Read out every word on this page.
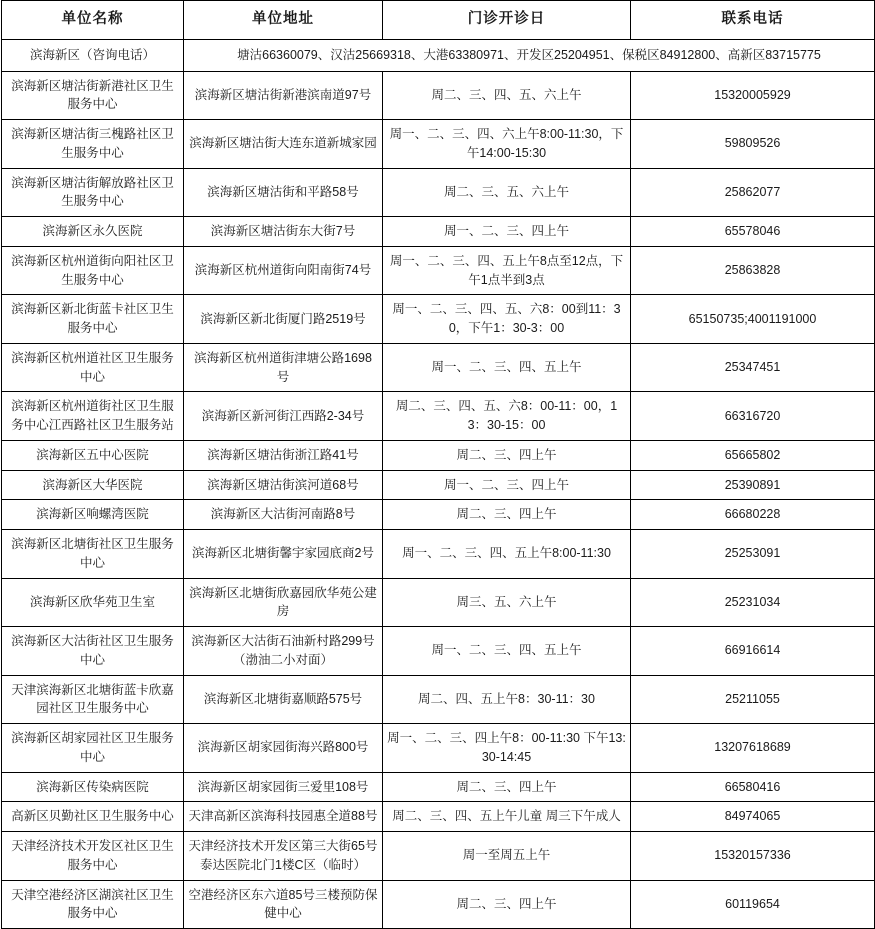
单位名称	单位地址	门诊开诊日	联系电话
滨海新区（咨询电话）	塘沽66360079、汉沽25669318、大港63380971、开发区25204951、保税区84912800、高新区83715775		
滨海新区塘沽街新港社区卫生服务中心	滨海新区塘沽街新港滨南道97号	周二、三、四、五、六上午	15320005929
滨海新区塘沽街三槐路社区卫生服务中心	滨海新区塘沽街大连东道新城家园	周一、二、三、四、六上午8:00-11:30，下午14:00-15:30	59809526
滨海新区塘沽街解放路社区卫生服务中心	滨海新区塘沽街和平路58号	周二、三、五、六上午	25862077
滨海新区永久医院	滨海新区塘沽街东大街7号	周一、二、三、四上午	65578046
滨海新区杭州道街向阳社区卫生服务中心	滨海新区杭州道街向阳南街74号	周一、二、三、四、五上午8点至12点，下午1点半到3点	25863828
滨海新区新北街蓝卡社区卫生服务中心	滨海新区新北街厦门路2519号	周一、二、三、四、五、六8：00到11：30，下午1：30-3：00	65150735;4001191000
滨海新区杭州道社区卫生服务中心	滨海新区杭州道街津塘公路1698号	周一、二、三、四、五上午	25347451
滨海新区杭州道街社区卫生服务中心江西路社区卫生服务站	滨海新区新河街江西路2-34号	周二、三、四、五、六8：00-11：00，13：30-15：00	66316720
滨海新区五中心医院	滨海新区塘沽街浙江路41号	周二、三、四上午	65665802
滨海新区大华医院	滨海新区塘沽街滨河道68号	周一、二、三、四上午	25390891
滨海新区响螺湾医院	滨海新区大沽街河南路8号	周二、三、四上午	66680228
滨海新区北塘街社区卫生服务中心	滨海新区北塘街馨宇家园底商2号	周一、二、三、四、五上午8:00-11:30	25253091
滨海新区欣华苑卫生室	滨海新区北塘街欣嘉园欣华苑公建房	周三、五、六上午	25231034
滨海新区大沽街社区卫生服务中心	滨海新区大沽街石油新村路299号（渤油二小对面）	周一、二、三、四、五上午	66916614
天津滨海新区北塘街蓝卡欣嘉园社区卫生服务中心	滨海新区北塘街嘉顺路575号	周二、四、五上午8：30-11：30	25211055
滨海新区胡家园社区卫生服务中心	滨海新区胡家园街海兴路800号	周一、二、三、四上午8：00-11:30 下午13:30-14:45	13207618689
滨海新区传染病医院	滨海新区胡家园街三爱里108号	周二、三、四上午	66580416
高新区贝勤社区卫生服务中心	天津高新区滨海科技园惠全道88号	周二、三、四、五上午儿童 周三下午成人	84974065
天津经济技术开发区社区卫生服务中心	天津经济技术开发区第三大街65号泰达医院北门1楼C区（临时）	周一至周五上午	15320157336
天津空港经济区湖滨社区卫生服务中心	空港经济区东六道85号三楼预防保健中心	周二、三、四上午	60119654
